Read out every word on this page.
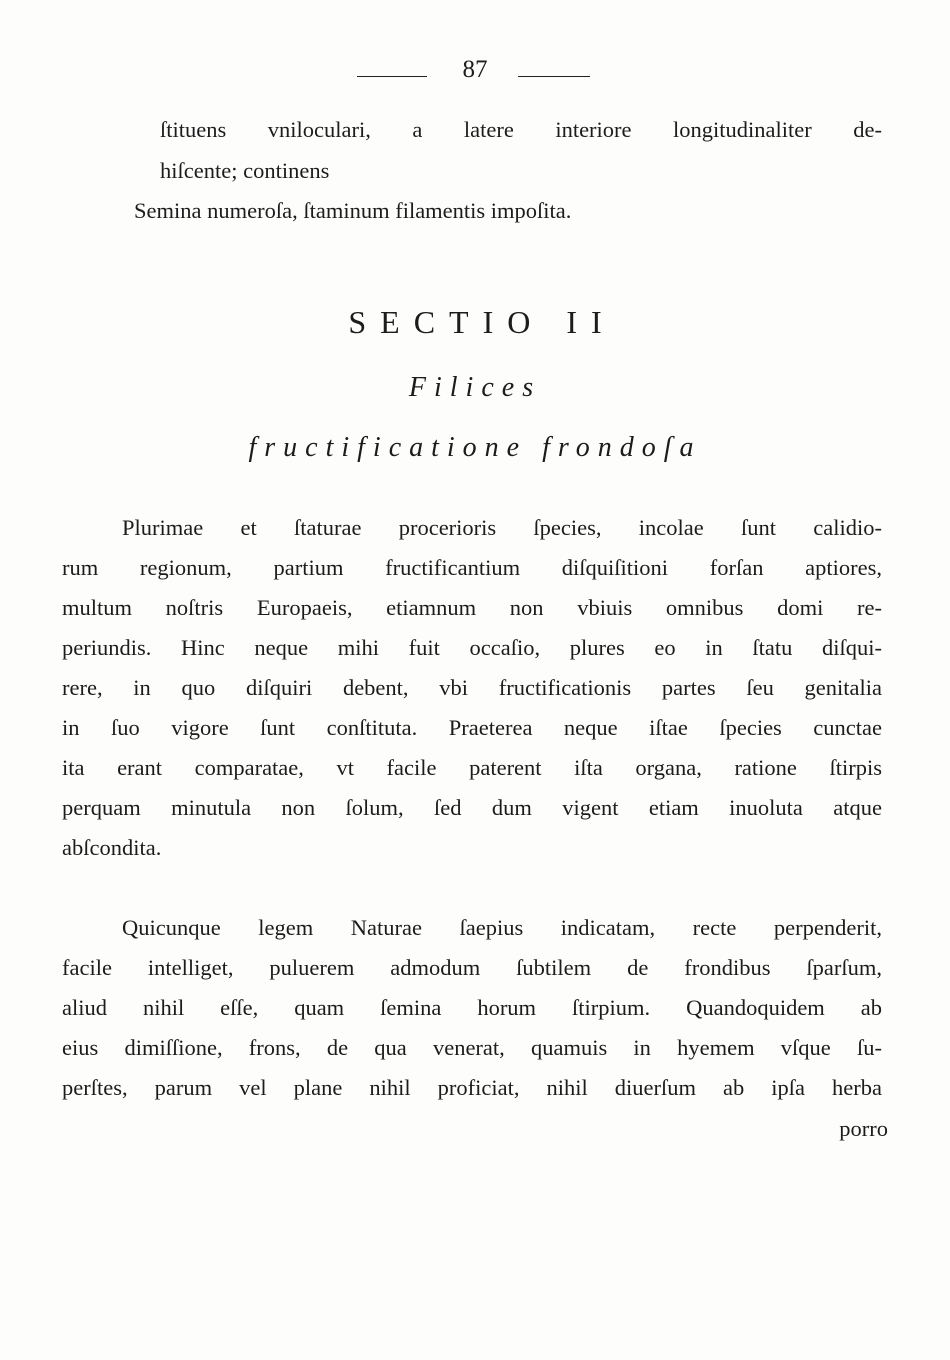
87
ſtituens vniloculari, a latere interiore longitudinaliter de-
hiſcente; continens
Semina numeroſa, ſtaminum filamentis impoſita.
SECTIO II
Filices
fructificatione frondoſa
Plurimae et ſtaturae procerioris ſpecies, incolae ſunt calidio-
rum regionum, partium fructificantium diſquiſitioni forſan aptiores,
multum noſtris Europaeis, etiamnum non vbiuis omnibus domi re-
periundis. Hinc neque mihi fuit occaſio, plures eo in ſtatu diſqui-
rere, in quo diſquiri debent, vbi fructificationis partes ſeu genitalia
in ſuo vigore ſunt conſtituta. Praeterea neque iſtae ſpecies cunctae
ita erant comparatae, vt facile paterent iſta organa, ratione ſtirpis
perquam minutula non ſolum, ſed dum vigent etiam inuoluta atque
abſcondita.
Quicunque legem Naturae ſaepius indicatam, recte perpenderit,
facile intelliget, puluerem admodum ſubtilem de frondibus ſparſum,
aliud nihil eſſe, quam ſemina horum ſtirpium. Quandoquidem ab
eius dimiſſione, frons, de qua venerat, quamuis in hyemem vſque ſu-
perſtes, parum vel plane nihil proficiat, nihil diuerſum ab ipſa herba
porro
